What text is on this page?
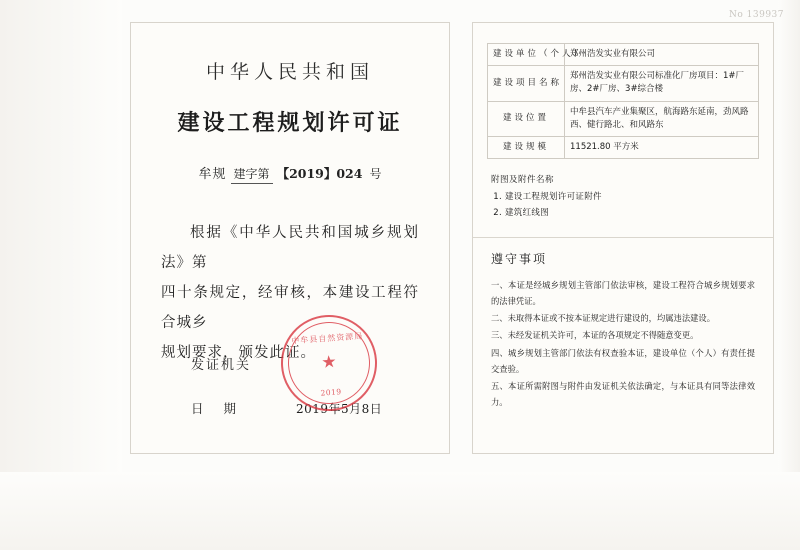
No 139937
中华人民共和国
建设工程规划许可证
牟规 建字第 【2019】024 号
根据《中华人民共和国城乡规划法》第
四十条规定，经审核，本建设工程符合城乡
规划要求，颁发此证。
发证机关
日 期	2019年5月8日
中牟县自然资源局
★
2019
建设单位（个人）	郑州浩发实业有限公司
建设项目名称	郑州浩发实业有限公司标准化厂房项目：1#厂房、2#厂房、3#综合楼
建设位置	中牟县汽车产业集聚区，航海路东延南，劲风路西、健行路北、和风路东
建设规模	11521.80 平方米
附图及附件名称
1. 建设工程规划许可证附件
2. 建筑红线图
遵守事项
一、本证是经城乡规划主管部门依法审核，建设工程符合城乡规划要求的法律凭证。
二、未取得本证或不按本证规定进行建设的，均属违法建设。
三、未经发证机关许可，本证的各项规定不得随意变更。
四、城乡规划主管部门依法有权查验本证，建设单位（个人）有责任提交查验。
五、本证所需附图与附件由发证机关依法确定，与本证具有同等法律效力。
